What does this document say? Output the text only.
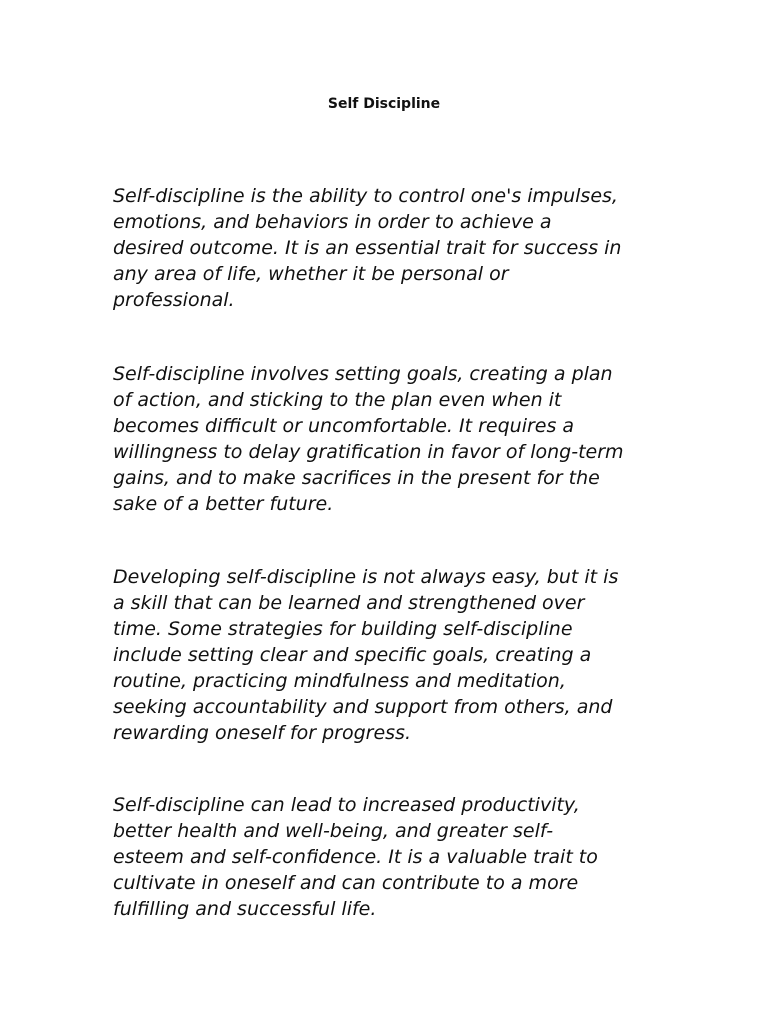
Self Discipline

Self-discipline is the ability to control one's impulses,
emotions, and behaviors in order to achieve a
desired outcome. It is an essential trait for success in
any area of life, whether it be personal or
professional.

Self-discipline involves setting goals, creating a plan
of action, and sticking to the plan even when it
becomes difficult or uncomfortable. It requires a
willingness to delay gratification in favor of long-term
gains, and to make sacrifices in the present for the
sake of a better future.

Developing self-discipline is not always easy, but it is
a skill that can be learned and strengthened over
time. Some strategies for building self-discipline
include setting clear and specific goals, creating a
routine, practicing mindfulness and meditation,
seeking accountability and support from others, and
rewarding oneself for progress.

Self-discipline can lead to increased productivity,
better health and well-being, and greater self-
esteem and self-confidence. It is a valuable trait to
cultivate in oneself and can contribute to a more
fulfilling and successful life.
